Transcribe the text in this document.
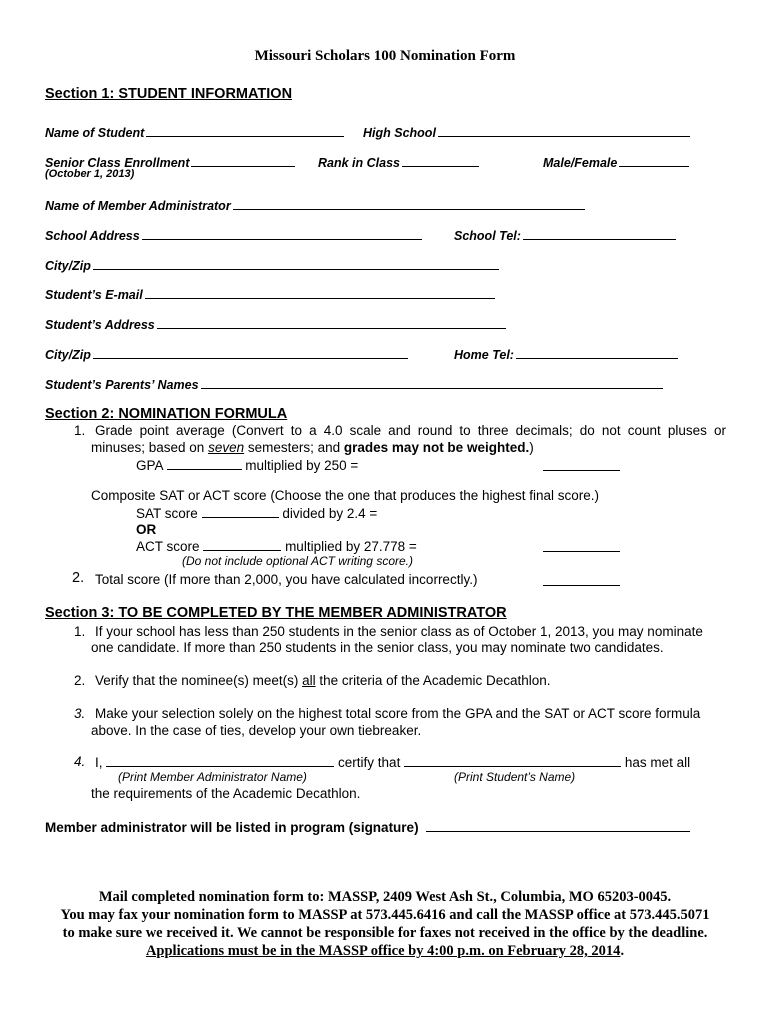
Missouri Scholars 100 Nomination Form
Section 1: STUDENT INFORMATION
Name of Student	High School
Senior Class Enrollment	Rank in Class	Male/Female
(October 1, 2013)
Name of Member Administrator
School Address	School Tel:
City/Zip
Student’s E-mail
Student’s Address
City/Zip	Home Tel:
Student’s Parents’ Names
Section 2: NOMINATION FORMULA
1. Grade point average (Convert to a 4.0 scale and round to three decimals; do not count pluses or
minuses; based on seven semesters; and grades may not be weighted.)
GPA	multiplied by 250 =
Composite SAT or ACT score (Choose the one that produces the highest final score.)
SAT score	divided by 2.4 =
OR
ACT score	multiplied by 27.778 =
(Do not include optional ACT writing score.)
2. Total score (If more than 2,000, you have calculated incorrectly.)
Section 3: TO BE COMPLETED BY THE MEMBER ADMINISTRATOR
1. If your school has less than 250 students in the senior class as of October 1, 2013, you may nominate
one candidate. If more than 250 students in the senior class, you may nominate two candidates.
2. Verify that the nominee(s) meet(s) all the criteria of the Academic Decathlon.
3. Make your selection solely on the highest total score from the GPA and the SAT or ACT score formula
above. In the case of ties, develop your own tiebreaker.
4. I,	certify that	has met all
(Print Member Administrator Name)	(Print Student’s Name)
the requirements of the Academic Decathlon.
Member administrator will be listed in program (signature)
Mail completed nomination form to: MASSP, 2409 West Ash St., Columbia, MO 65203-0045.
You may fax your nomination form to MASSP at 573.445.6416 and call the MASSP office at 573.445.5071
to make sure we received it. We cannot be responsible for faxes not received in the office by the deadline.
Applications must be in the MASSP office by 4:00 p.m. on February 28, 2014.
